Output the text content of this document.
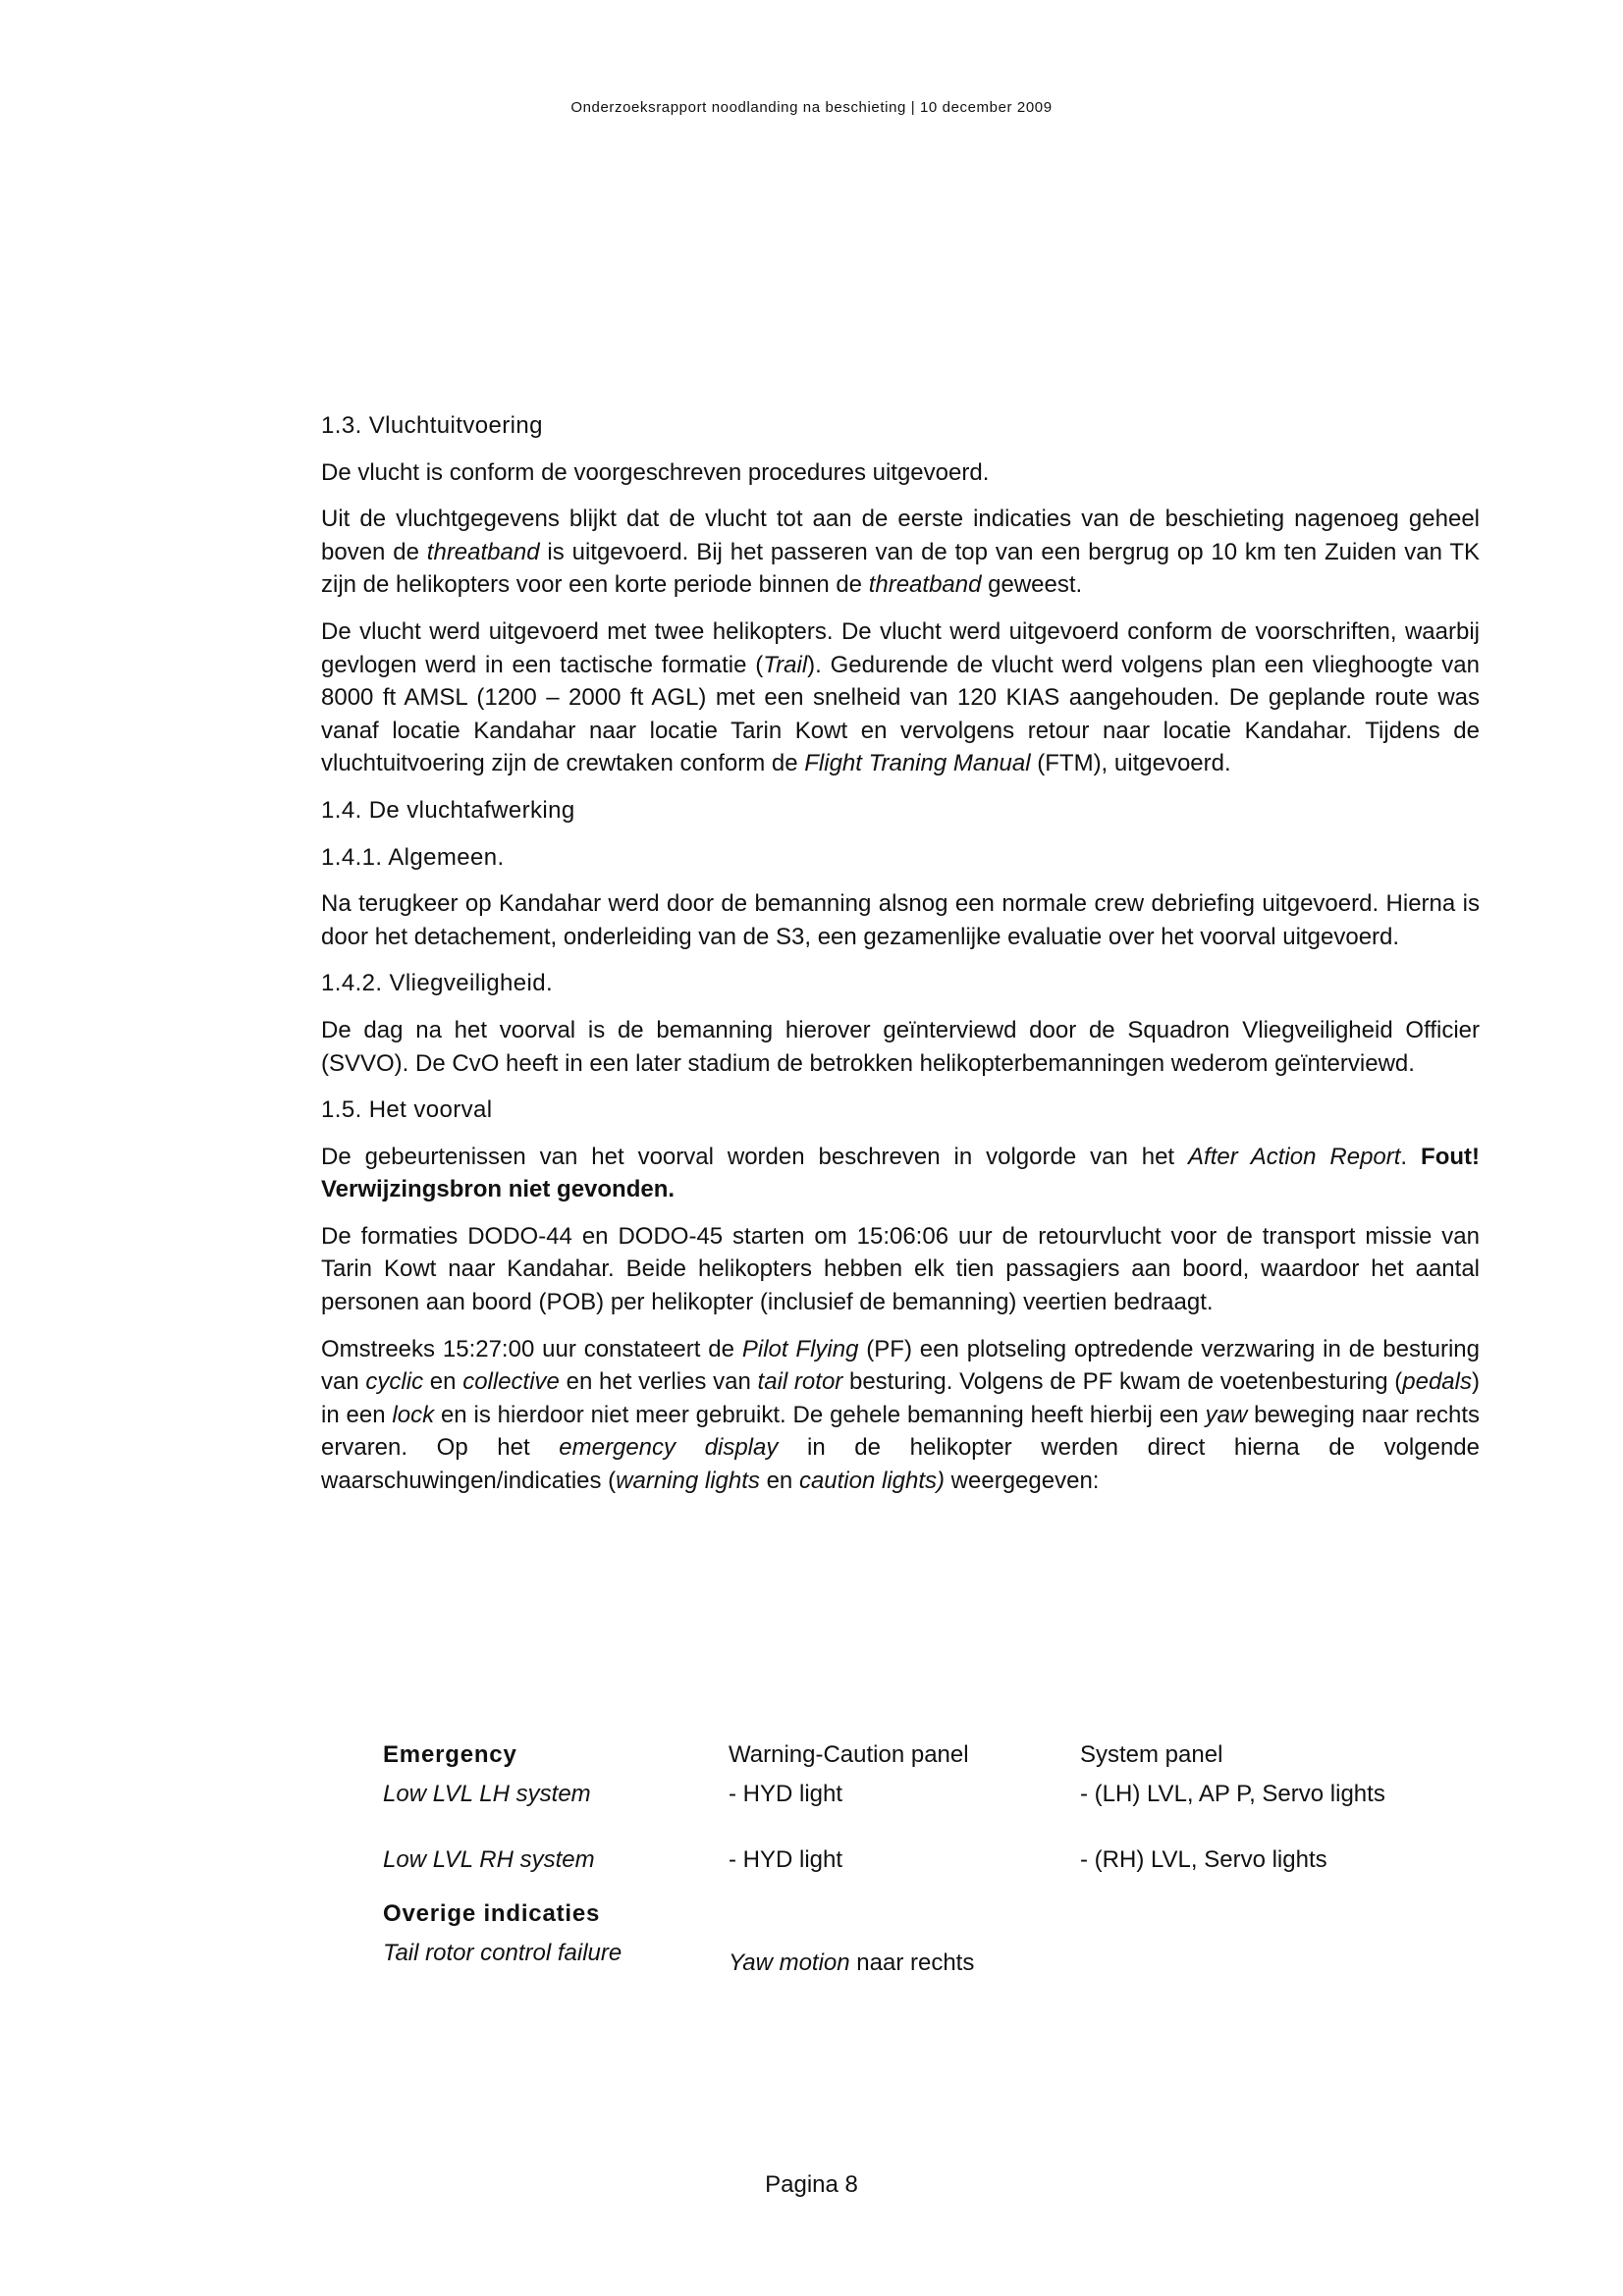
Onderzoeksrapport noodlanding na beschieting | 10 december 2009

1.3. Vluchtuitvoering

De vlucht is conform de voorgeschreven procedures uitgevoerd.

Uit de vluchtgegevens blijkt dat de vlucht tot aan de eerste indicaties van de beschieting nagenoeg geheel boven de threatband is uitgevoerd. Bij het passeren van de top van een bergrug op 10 km ten Zuiden van TK zijn de helikopters voor een korte periode binnen de threatband geweest.

De vlucht werd uitgevoerd met twee helikopters. De vlucht werd uitgevoerd conform de voorschriften, waarbij gevlogen werd in een tactische formatie (Trail). Gedurende de vlucht werd volgens plan een vlieghoogte van 8000 ft AMSL (1200 – 2000 ft AGL) met een snelheid van 120 KIAS aangehouden. De geplande route was vanaf locatie Kandahar naar locatie Tarin Kowt en vervolgens retour naar locatie Kandahar. Tijdens de vluchtuitvoering zijn de crewtaken conform de Flight Traning Manual (FTM), uitgevoerd.

1.4. De vluchtafwerking

1.4.1. Algemeen.

Na terugkeer op Kandahar werd door de bemanning alsnog een normale crew debriefing uitgevoerd. Hierna is door het detachement, onderleiding van de S3, een gezamenlijke evaluatie over het voorval uitgevoerd.

1.4.2. Vliegveiligheid.

De dag na het voorval is de bemanning hierover geïnterviewd door de Squadron Vliegveiligheid Officier (SVVO). De CvO heeft in een later stadium de betrokken helikopterbemanningen wederom geïnterviewd.

1.5. Het voorval

De gebeurtenissen van het voorval worden beschreven in volgorde van het After Action Report. Fout! Verwijzingsbron niet gevonden.

De formaties DODO-44 en DODO-45 starten om 15:06:06 uur de retourvlucht voor de transport missie van Tarin Kowt naar Kandahar. Beide helikopters hebben elk tien passagiers aan boord, waardoor het aantal personen aan boord (POB) per helikopter (inclusief de bemanning) veertien bedraagt.

Omstreeks 15:27:00 uur constateert de Pilot Flying (PF) een plotseling optredende verzwaring in de besturing van cyclic en collective en het verlies van tail rotor besturing. Volgens de PF kwam de voetenbesturing (pedals) in een lock en is hierdoor niet meer gebruikt. De gehele bemanning heeft hierbij een yaw beweging naar rechts ervaren. Op het emergency display in de helikopter werden direct hierna de volgende waarschuwingen/indicaties (warning lights en caution lights) weergegeven:

Emergency	Warning-Caution panel	System panel
Low LVL LH system	- HYD light	- (LH) LVL, AP P, Servo lights
Low LVL RH system	- HYD light	- (RH) LVL, Servo lights
Overige indicaties		
Tail rotor control failure	Yaw motion naar rechts	
Pagina 8
